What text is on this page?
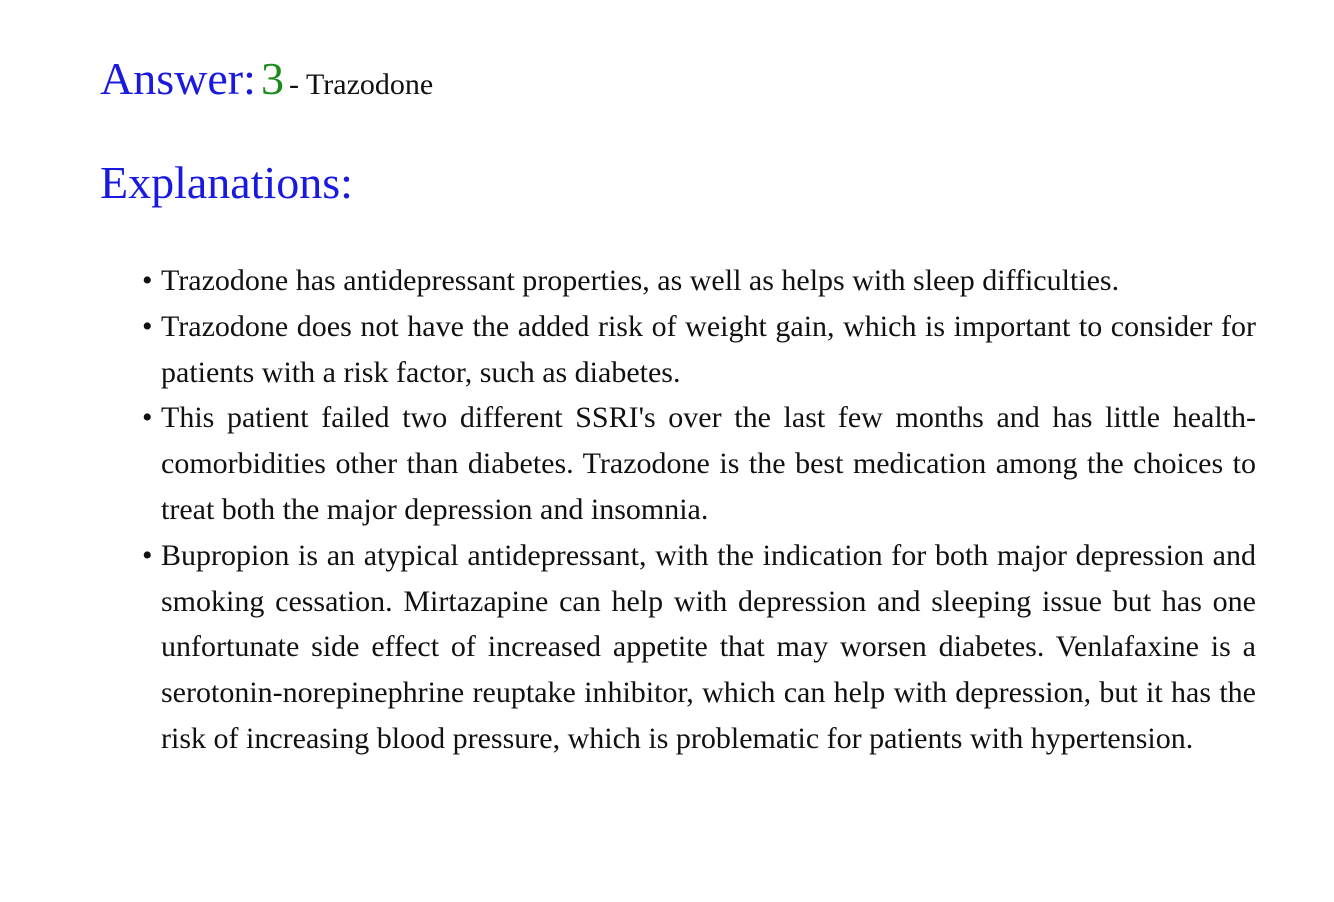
Answer: 3 - Trazodone
Explanations:
• Trazodone has antidepressant properties, as well as helps with sleep difficulties.
• Trazodone does not have the added risk of weight gain, which is important to consider for patients with a risk factor, such as diabetes.
• This patient failed two different SSRI's over the last few months and has little health-comorbidities other than diabetes. Trazodone is the best medication among the choices to treat both the major depression and insomnia.
• Bupropion is an atypical antidepressant, with the indication for both major depression and smoking cessation. Mirtazapine can help with depression and sleeping issue but has one unfortunate side effect of increased appetite that may worsen diabetes. Venlafaxine is a serotonin-norepinephrine reuptake inhibitor, which can help with depression, but it has the risk of increasing blood pressure, which is problematic for patients with hypertension.
